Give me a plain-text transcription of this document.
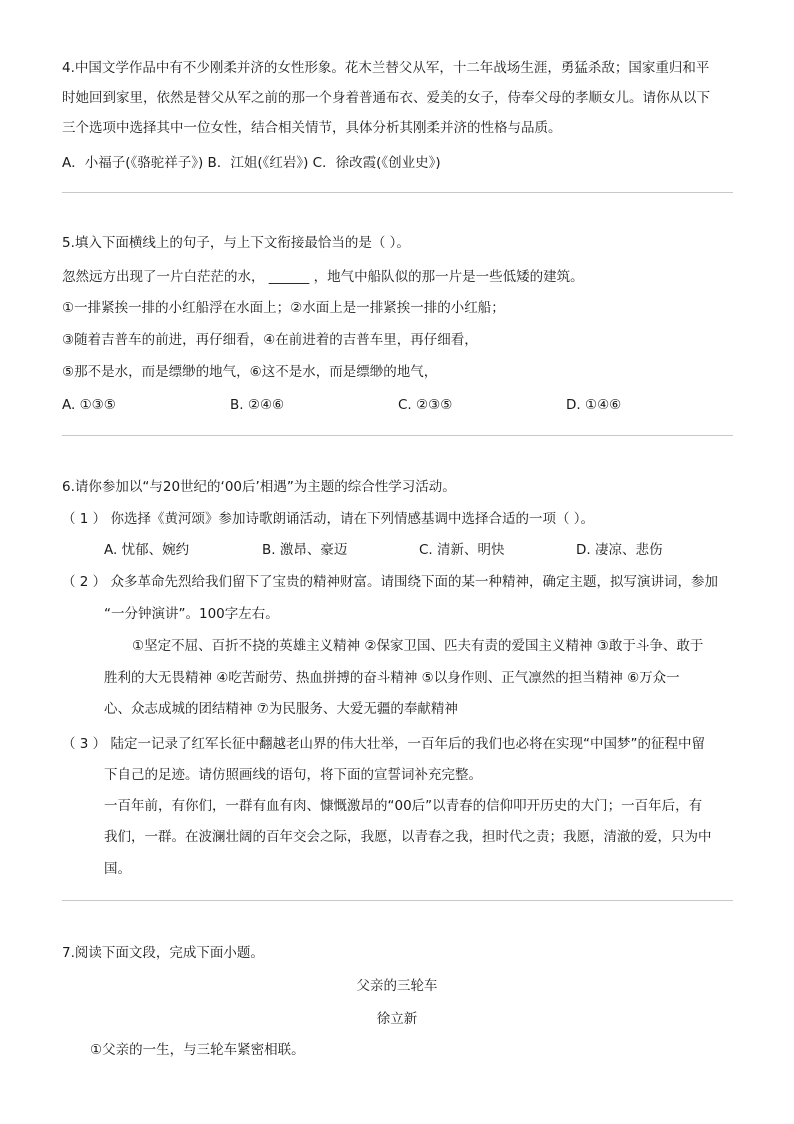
4.中国文学作品中有不少刚柔并济的女性形象。花木兰替父从军，十二年战场生涯，勇猛杀敌；国家重归和平
时她回到家里，依然是替父从军之前的那一个身着普通布衣、爱美的女子，侍奉父母的孝顺女儿。请你从以下
三个选项中选择其中一位女性，结合相关情节，具体分析其刚柔并济的性格与品质。
A．小福子(《骆驼祥子》) B．江姐(《红岩》) C．徐改霞(《创业史》)
5.填入下面横线上的句子，与上下文衔接最恰当的是（ ）。
忽然远方出现了一片白茫茫的水， ______ ，地气中船队似的那一片是一些低矮的建筑。
①一排紧挨一排的小红船浮在水面上；②水面上是一排紧挨一排的小红船；
③随着吉普车的前进，再仔细看，④在前进着的吉普车里，再仔细看，
⑤那不是水，而是缥缈的地气，⑥这不是水，而是缥缈的地气，
A. ①③⑤	B. ②④⑥	C. ②③⑤	D. ①④⑥
6.请你参加以“与20世纪的‘00后’相遇”为主题的综合性学习活动。
（ 1 ） 你选择《黄河颂》参加诗歌朗诵活动，请在下列情感基调中选择合适的一项（ ）。
A. 忧郁、婉约	B. 激昂、豪迈	C. 清新、明快	D. 凄凉、悲伤
（ 2 ） 众多革命先烈给我们留下了宝贵的精神财富。请围绕下面的某一种精神，确定主题，拟写演讲词，参加
“一分钟演讲”。100字左右。
①坚定不屈、百折不挠的英雄主义精神 ②保家卫国、匹夫有责的爱国主义精神 ③敢于斗争、敢于
胜利的大无畏精神 ④吃苦耐劳、热血拼搏的奋斗精神 ⑤以身作则、正气凛然的担当精神 ⑥万众一
心、众志成城的团结精神 ⑦为民服务、大爱无疆的奉献精神
（ 3 ） 陆定一记录了红军长征中翻越老山界的伟大壮举，一百年后的我们也必将在实现“中国梦”的征程中留
下自己的足迹。请仿照画线的语句，将下面的宣誓词补充完整。
一百年前，有你们，一群有血有肉、慷慨激昂的“00后”以青春的信仰叩开历史的大门；一百年后，有
我们，一群。在波澜壮阔的百年交会之际，我愿，以青春之我，担时代之责；我愿，清澈的爱，只为中
国。
7.阅读下面文段，完成下面小题。
父亲的三轮车
徐立新
①父亲的一生，与三轮车紧密相联。
